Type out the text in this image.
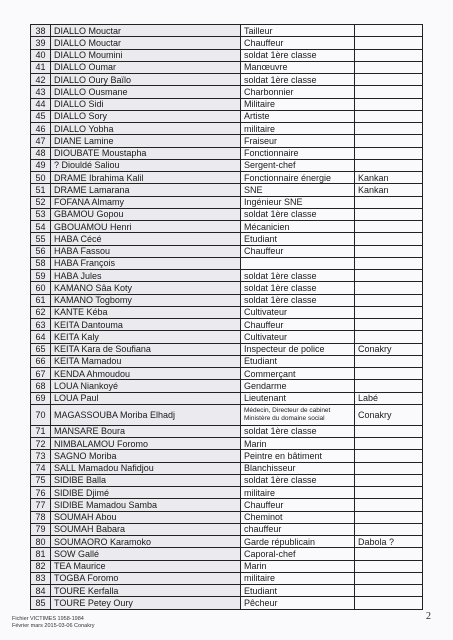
38	DIALLO Mouctar	Tailleur	
39	DIALLO Mouctar	Chauffeur	
40	DIALLO Moumini	soldat 1ère classe	
41	DIALLO Oumar	Manœuvre	
42	DIALLO Oury Baïlo	soldat 1ère classe	
43	DIALLO Ousmane	Charbonnier	
44	DIALLO Sidi	Militaire	
45	DIALLO Sory	Artiste	
46	DIALLO Yobha	militaire	
47	DIANE Lamine	Fraiseur	
48	DIOUBATE Moustapha	Fonctionnaire	
49	? Diouldé Saliou	Sergent-chef	
50	DRAME Ibrahima Kalil	Fonctionnaire énergie	Kankan
51	DRAME Lamarana	SNE	Kankan
52	FOFANA Almamy	Ingénieur SNE	
53	GBAMOU Gopou	soldat 1ère classe	
54	GBOUAMOU Henri	Mécanicien	
55	HABA Cécé	Etudiant	
56	HABA Fassou	Chauffeur	
58	HABA François		
59	HABA Jules	soldat 1ère classe	
60	KAMANO Sâa Koty	soldat 1ère classe	
61	KAMANO Togbomy	soldat 1ère classe	
62	KANTE Kéba	Cultivateur	
63	KEITA Dantouma	Chauffeur	
64	KEITA Kaly	Cultivateur	
65	KEITA Kara de Soufiana	Inspecteur de police	Conakry
66	KEITA Mamadou	Etudiant	
67	KENDA Ahmoudou	Commerçant	
68	LOUA Niankoyé	Gendarme	
69	LOUA Paul	Lieutenant	Labé
70	MAGASSOUBA Moriba Elhadj	Médecin, Directeur de cabinet
Ministère du domaine social	Conakry
71	MANSARE Boura	soldat 1ère classe	
72	NIMBALAMOU Foromo	Marin	
73	SAGNO Moriba	Peintre en bâtiment	
74	SALL Mamadou Nafidjou	Blanchisseur	
75	SIDIBE Balla	soldat 1ère classe	
76	SIDIBE Djimé	militaire	
77	SIDIBE Mamadou Samba	Chauffeur	
78	SOUMAH Abou	Cheminot	
79	SOUMAH Babara	chauffeur	
80	SOUMAORO Karamoko	Garde républicain	Dabola ?
81	SOW Gallé	Caporal-chef	
82	TEA Maurice	Marin	
83	TOGBA Foromo	militaire	
84	TOURE Kerfalla	Etudiant	
85	TOURE Petey Oury	Pêcheur	
2
Fichier VICTIMES 1958-1984
Février mars 2015-03-06 Conakry
